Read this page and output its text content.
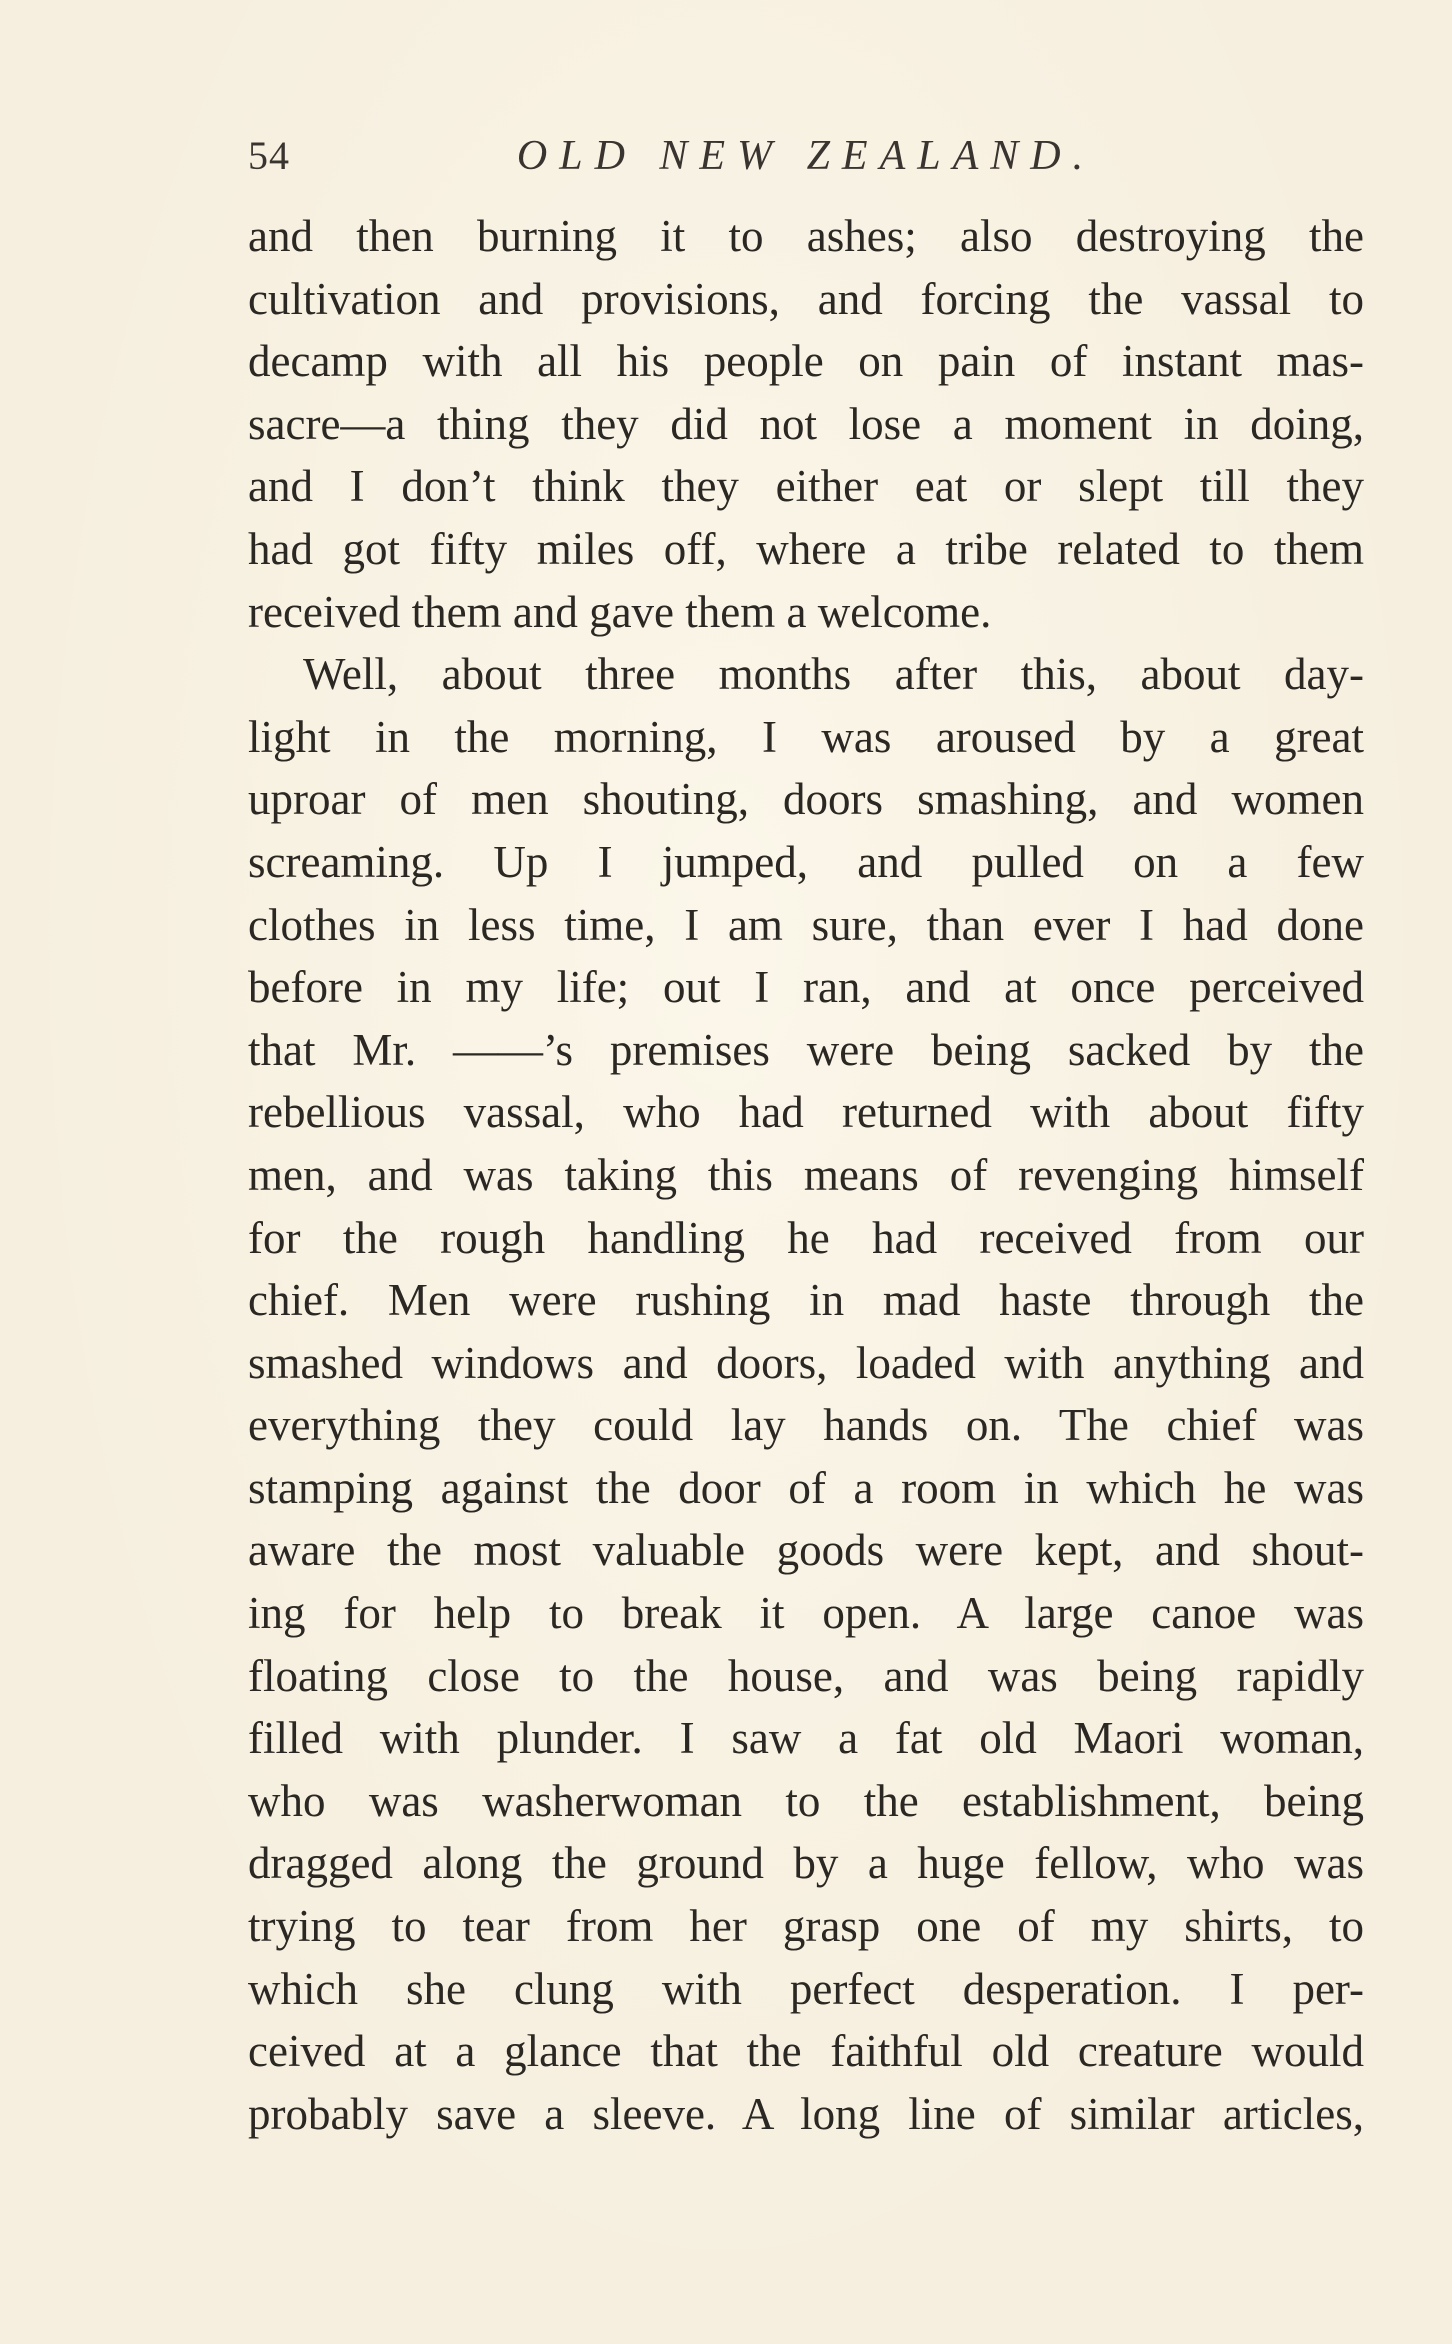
54	OLD NEW ZEALAND.
and then burning it to ashes; also destroying the
cultivation and provisions, and forcing the vassal to
decamp with all his people on pain of instant mas-
sacre—a thing they did not lose a moment in doing,
and I don’t think they either eat or slept till they
had got fifty miles off, where a tribe related to them
received them and gave them a welcome.
Well, about three months after this, about day-
light in the morning, I was aroused by a great
uproar of men shouting, doors smashing, and women
screaming. Up I jumped, and pulled on a few
clothes in less time, I am sure, than ever I had done
before in my life; out I ran, and at once perceived
that Mr. ——’s premises were being sacked by the
rebellious vassal, who had returned with about fifty
men, and was taking this means of revenging himself
for the rough handling he had received from our
chief. Men were rushing in mad haste through the
smashed windows and doors, loaded with anything and
everything they could lay hands on. The chief was
stamping against the door of a room in which he was
aware the most valuable goods were kept, and shout-
ing for help to break it open. A large canoe was
floating close to the house, and was being rapidly
filled with plunder. I saw a fat old Maori woman,
who was washerwoman to the establishment, being
dragged along the ground by a huge fellow, who was
trying to tear from her grasp one of my shirts, to
which she clung with perfect desperation. I per-
ceived at a glance that the faithful old creature would
probably save a sleeve. A long line of similar articles,
